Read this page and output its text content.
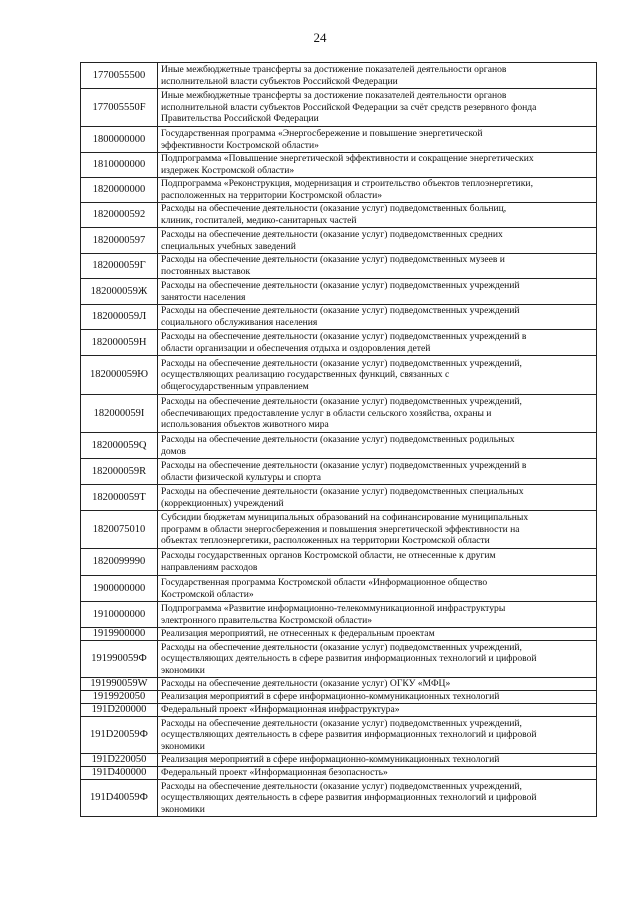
24
1770055500	Иные межбюджетные трансферты за достижение показателей деятельности органов
исполнительной власти субъектов Российской Федерации

177005550F	Иные межбюджетные трансферты за достижение показателей деятельности органов
исполнительной власти субъектов Российской Федерации за счёт средств резервного фонда
Правительства Российской Федерации

1800000000	Государственная программа «Энергосбережение и повышение энергетической
эффективности Костромской области»

1810000000	Подпрограмма «Повышение энергетической эффективности и сокращение энергетических
издержек Костромской области»

1820000000	Подпрограмма «Реконструкция, модернизация и строительство объектов теплоэнергетики,
расположенных на территории Костромской области»

1820000592	Расходы на обеспечение деятельности (оказание услуг) подведомственных больниц,
клиник, госпиталей, медико-санитарных частей

1820000597	Расходы на обеспечение деятельности (оказание услуг) подведомственных средних
специальных учебных заведений

182000059Г	Расходы на обеспечение деятельности (оказание услуг) подведомственных музеев и
постоянных выставок

182000059Ж	Расходы на обеспечение деятельности (оказание услуг) подведомственных учреждений
занятости населения

182000059Л	Расходы на обеспечение деятельности (оказание услуг) подведомственных учреждений
социального обслуживания населения

182000059Н	Расходы на обеспечение деятельности (оказание услуг) подведомственных учреждений в
области организации и обеспечения отдыха и оздоровления детей

182000059Ю	Расходы на обеспечение деятельности (оказание услуг) подведомственных учреждений,
осуществляющих реализацию государственных функций, связанных с
общегосударственным управлением

182000059I	Расходы на обеспечение деятельности (оказание услуг) подведомственных учреждений,
обеспечивающих предоставление услуг в области сельского хозяйства, охраны и
использования объектов животного мира

182000059Q	Расходы на обеспечение деятельности (оказание услуг) подведомственных родильных
домов

182000059R	Расходы на обеспечение деятельности (оказание услуг) подведомственных учреждений в
области физической культуры и спорта

182000059T	Расходы на обеспечение деятельности (оказание услуг) подведомственных специальных
(коррекционных) учреждений

1820075010	Субсидии бюджетам муниципальных образований на софинансирование муниципальных
программ в области энергосбережения и повышения энергетической эффективности на
объектах теплоэнергетики, расположенных на территории Костромской области

1820099990	Расходы государственных органов Костромской области, не отнесенные к другим
направлениям расходов

1900000000	Государственная программа Костромской области «Информационное общество
Костромской области»

1910000000	Подпрограмма «Развитие информационно-телекоммуникационной инфраструктуры
электронного правительства Костромской области»

1919900000	Реализация мероприятий, не отнесенных к федеральным проектам

191990059Ф	Расходы на обеспечение деятельности (оказание услуг) подведомственных учреждений,
осуществляющих деятельность в сфере развития информационных технологий и цифровой
экономики

191990059W	Расходы на обеспечение деятельности (оказание услуг) ОГКУ «МФЦ»

1919920050	Реализация мероприятий в сфере информационно-коммуникационных технологий

191D200000	Федеральный проект «Информационная инфраструктура»

191D20059Ф	Расходы на обеспечение деятельности (оказание услуг) подведомственных учреждений,
осуществляющих деятельность в сфере развития информационных технологий и цифровой
экономики

191D220050	Реализация мероприятий в сфере информационно-коммуникационных технологий

191D400000	Федеральный проект «Информационная безопасность»

191D40059Ф	Расходы на обеспечение деятельности (оказание услуг) подведомственных учреждений,
осуществляющих деятельность в сфере развития информационных технологий и цифровой
экономики
